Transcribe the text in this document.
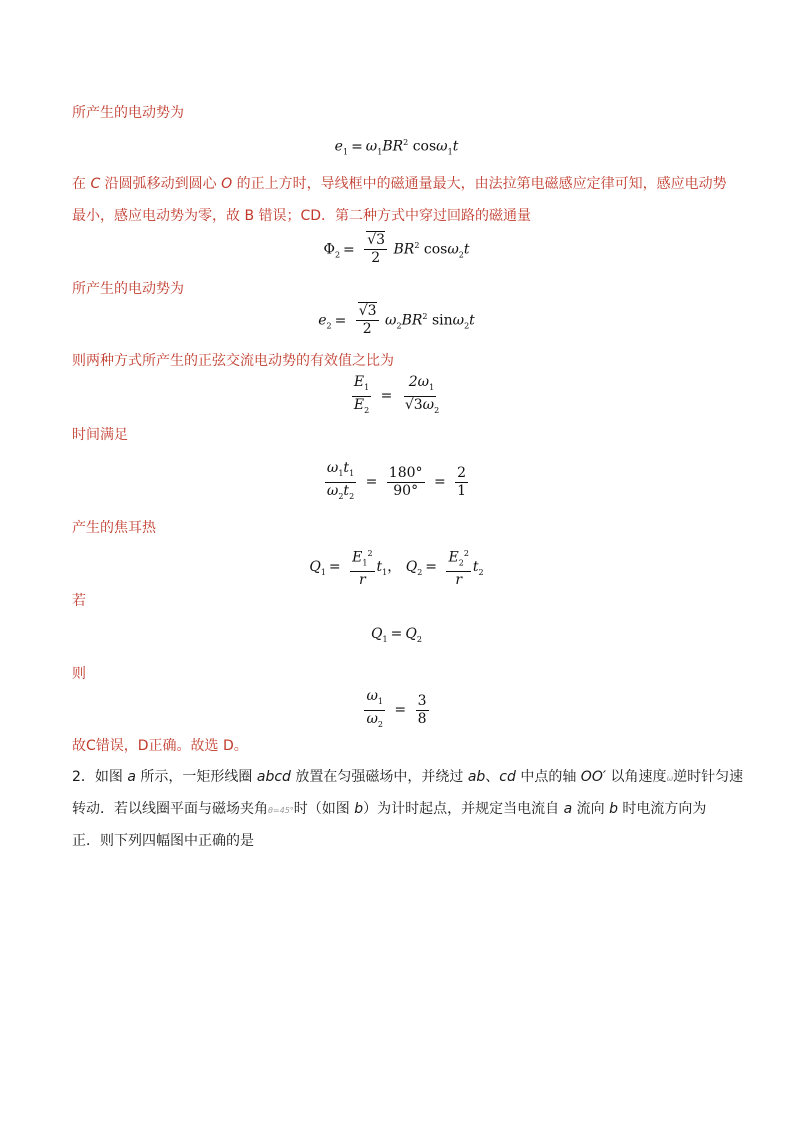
所产生的电动势为
$e_1 = \omega_1BR^2$ cosω$_1$t
在 C 沿圆弧移动到圆心 O 的正上方时，导线框中的磁通量最大，由法拉第电磁感应定律可知，感应电动势
最小，感应电动势为零，故 B 错误；CD．第二种方式中穿过回路的磁通量
$\Phi_2 = \frac{√3}{2} BR^2$ cosω$_2$t
所产生的电动势为
$e_2 = \frac{√3}{2} \omega_2BR^2$ sinω$_2$t
则两种方式所产生的正弦交流电动势的有效值之比为
$\frac{E_1}{E_2} = \frac{2\omega_1}{√3\omega_2}$
时间满足
$\frac{\omega_1t_1}{\omega_2t_2} = \frac{180^\circ}{90^\circ} = \frac{2}{1}$
产生的焦耳热
$Q_1 = \frac{E_1^2}{r} t_1$， $Q_2 = \frac{E_2^2}{r} t_2$
若
$Q_1 = Q_2$
则
$\frac{\omega_1}{\omega_2} = \frac{3}{8}$
故C错误，D正确。故选 D。
2．如图 a 所示，一矩形线圈 abcd 放置在匀强磁场中，并绕过 ab、cd 中点的轴 OO′ 以角速度ω逆时针匀速
转动．若以线圈平面与磁场夹角θ=45°时（如图 b）为计时起点，并规定当电流自 a 流向 b 时电流方向为
正．则下列四幅图中正确的是
